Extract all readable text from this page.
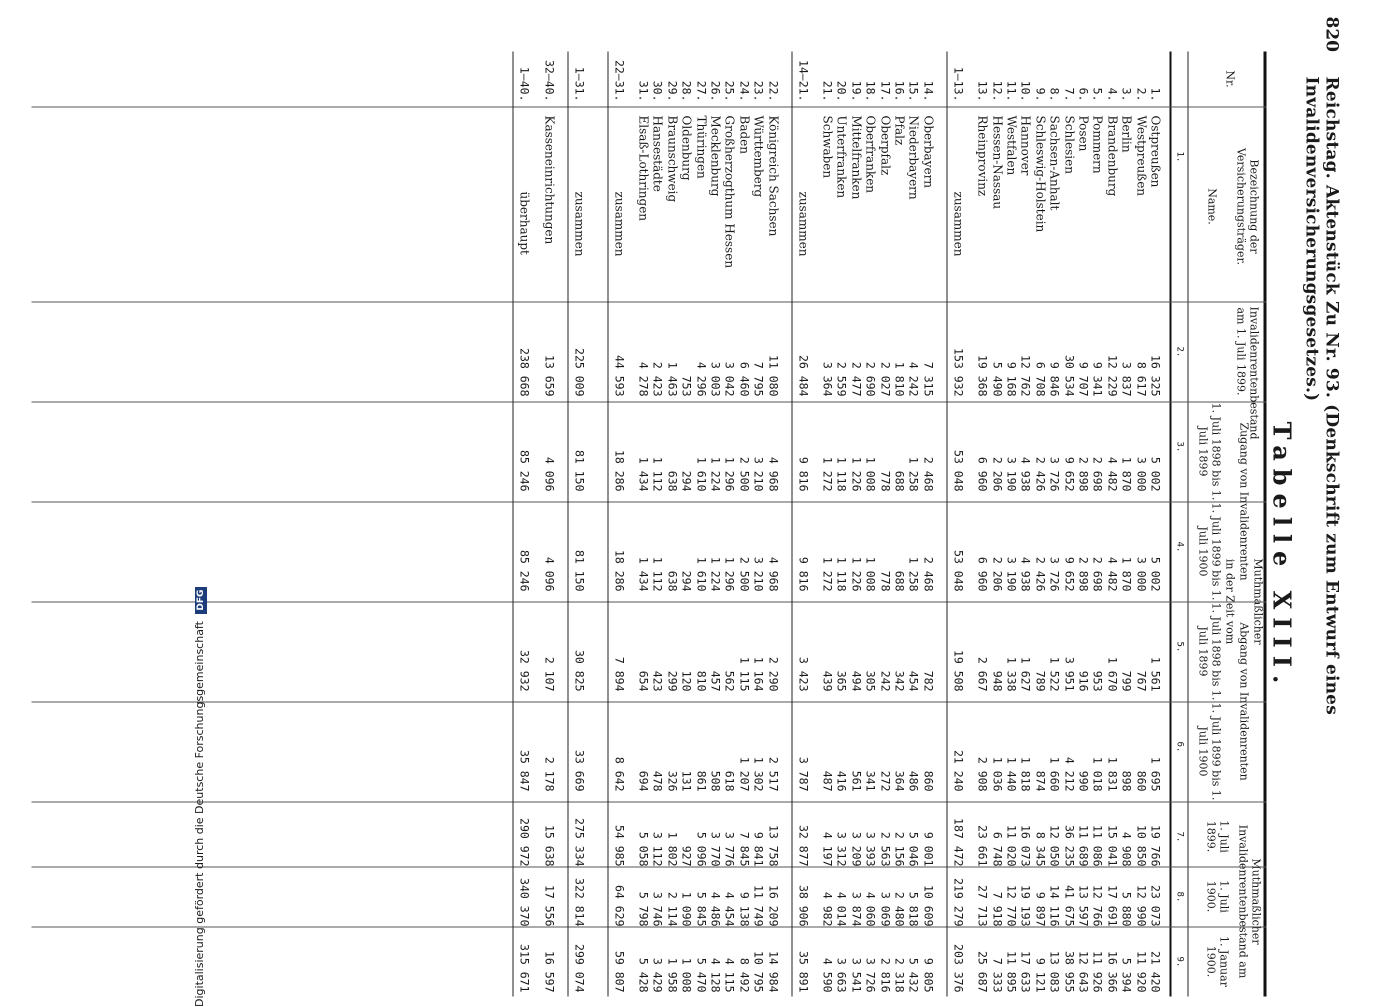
820
Reichstag. Aktenstück Zu Nr. 93. (Denkschrift zum Entwurf eines Invalidenversicherungsgesetzes.)
Tabelle XIII.
Nr.
Bezeichnung der Versicherungsträger.
Name.
Invalidenrentenbestand am 1. Juli 1899.
Muthmaßlicher
Zugang von Invalidenrenten
Abgang von Invalidenrenten
in der Zeit vom
1. Juli 1898 bis 1. Juli 1899
1. Juli 1899 bis 1. Juli 1900
1. Juli 1898 bis 1. Juli 1899
1. Juli 1899 bis 1. Juli 1900
Muthmaßlicher Invalidenrentenbestand am
1. Juli 1899.
1. Juli 1900.
1. Januar 1900.
1.
2.
3.
4.
5.
6.
7.
8.
9.
1.
Ostpreußen
16 325
5 002
5 002
1 561
1 695
19 766
23 073
21 420
2.
Westpreußen
8 617
3 000
3 000
767
860
10 850
12 990
11 920
3.
Berlin
3 837
1 870
1 870
799
898
4 908
5 880
5 394
4.
Brandenburg
12 229
4 482
4 482
1 670
1 831
15 041
17 691
16 366
5.
Pommern
9 341
2 698
2 698
953
1 018
11 086
12 766
11 926
6.
Posen
9 707
2 898
2 898
916
990
11 689
13 597
12 643
7.
Schlesien
30 534
9 652
9 652
3 951
4 212
36 235
41 675
38 955
8.
Sachsen-Anhalt
9 846
3 726
3 726
1 522
1 660
12 050
14 116
13 083
9.
Schleswig-Holstein
6 708
2 426
2 426
789
874
8 345
9 897
9 121
10.
Hannover
12 762
4 938
4 938
1 627
1 818
16 073
19 193
17 633
11.
Westfalen
9 168
3 190
3 190
1 338
1 440
11 020
12 770
11 895
12.
Hessen-Nassau
5 490
2 206
2 206
948
1 036
6 748
7 918
7 333
13.
Rheinprovinz
19 368
6 960
6 960
2 667
2 908
23 661
27 713
25 687
1—13.
zusammen
153 932
53 048
53 048
19 508
21 240
187 472
219 279
203 376
14.
Oberbayern
7 315
2 468
2 468
782
860
9 001
10 609
9 805
15.
Niederbayern
4 242
1 258
1 258
454
486
5 046
5 818
5 432
16.
Pfalz
1 810
688
688
342
364
2 156
2 480
2 318
17.
Oberpfalz
2 027
778
778
242
272
2 563
3 069
2 816
18.
Oberfranken
2 690
1 008
1 008
305
341
3 393
4 060
3 726
19.
Mittelfranken
2 477
1 226
1 226
494
561
3 209
3 874
3 541
20.
Unterfranken
2 559
1 118
1 118
365
416
3 312
4 014
3 663
21.
Schwaben
3 364
1 272
1 272
439
487
4 197
4 982
4 590
14—21.
zusammen
26 484
9 816
9 816
3 423
3 787
32 877
38 906
35 891
22.
Königreich Sachsen
11 080
4 968
4 968
2 290
2 517
13 758
16 209
14 984
23.
Württemberg
7 795
3 210
3 210
1 164
1 302
9 841
11 749
10 795
24.
Baden
6 460
2 500
2 500
1 115
1 207
7 845
9 138
8 492
25.
Großherzogthum Hessen
3 042
1 296
1 296
562
618
3 776
4 454
4 115
26.
Mecklenburg
3 003
1 224
1 224
457
508
3 770
4 486
4 128
27.
Thüringen
4 296
1 610
1 610
810
861
5 096
5 845
5 470
28.
Oldenburg
753
294
294
120
131
927
1 090
1 008
29.
Braunschweig
1 463
638
638
299
326
1 802
2 114
1 958
30.
Hansestädte
2 423
1 112
1 112
423
478
3 112
3 746
3 429
31.
Elsaß-Lothringen
4 278
1 434
1 434
654
694
5 058
5 798
5 428
22—31.
zusammen
44 593
18 286
18 286
7 894
8 642
54 985
64 629
59 807
1—31.
zusammen
225 009
81 150
81 150
30 825
33 669
275 334
322 814
299 074
32—40.
Kasseneinrichtungen
13 659
4 096
4 096
2 107
2 178
15 638
17 556
16 597
1—40.
überhaupt
238 668
85 246
85 246
32 932
35 847
290 972
340 370
315 671
Digitalisierung gefördert durch die Deutsche Forschungsgemeinschaft DFG
